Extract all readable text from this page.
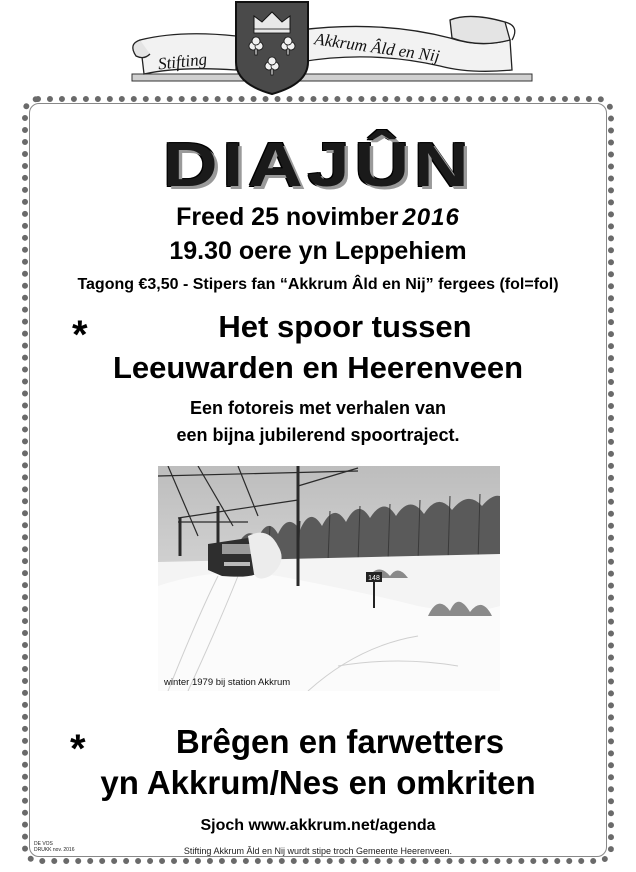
Stifting	Akkrum Âld en Nij
DIAJÛN
Freed 25 novimber 2016
19.30 oere yn Leppehiem
Tagong €3,50 - Stipers fan “Akkrum Âld en Nij” fergees (fol=fol)
*	Het spoor tussen
Leeuwarden en Heerenveen
Een fotoreis met verhalen van
een bijna jubilerend spoortraject.
148
winter 1979 bij station Akkrum
*	Brêgen en farwetters
yn Akkrum/Nes en omkriten
Sjoch www.akkrum.net/agenda
DE VOS
DRUKK nov. 2016	Stifting Akkrum Âld en Nij wurdt stipe troch Gemeente Heerenveen.
